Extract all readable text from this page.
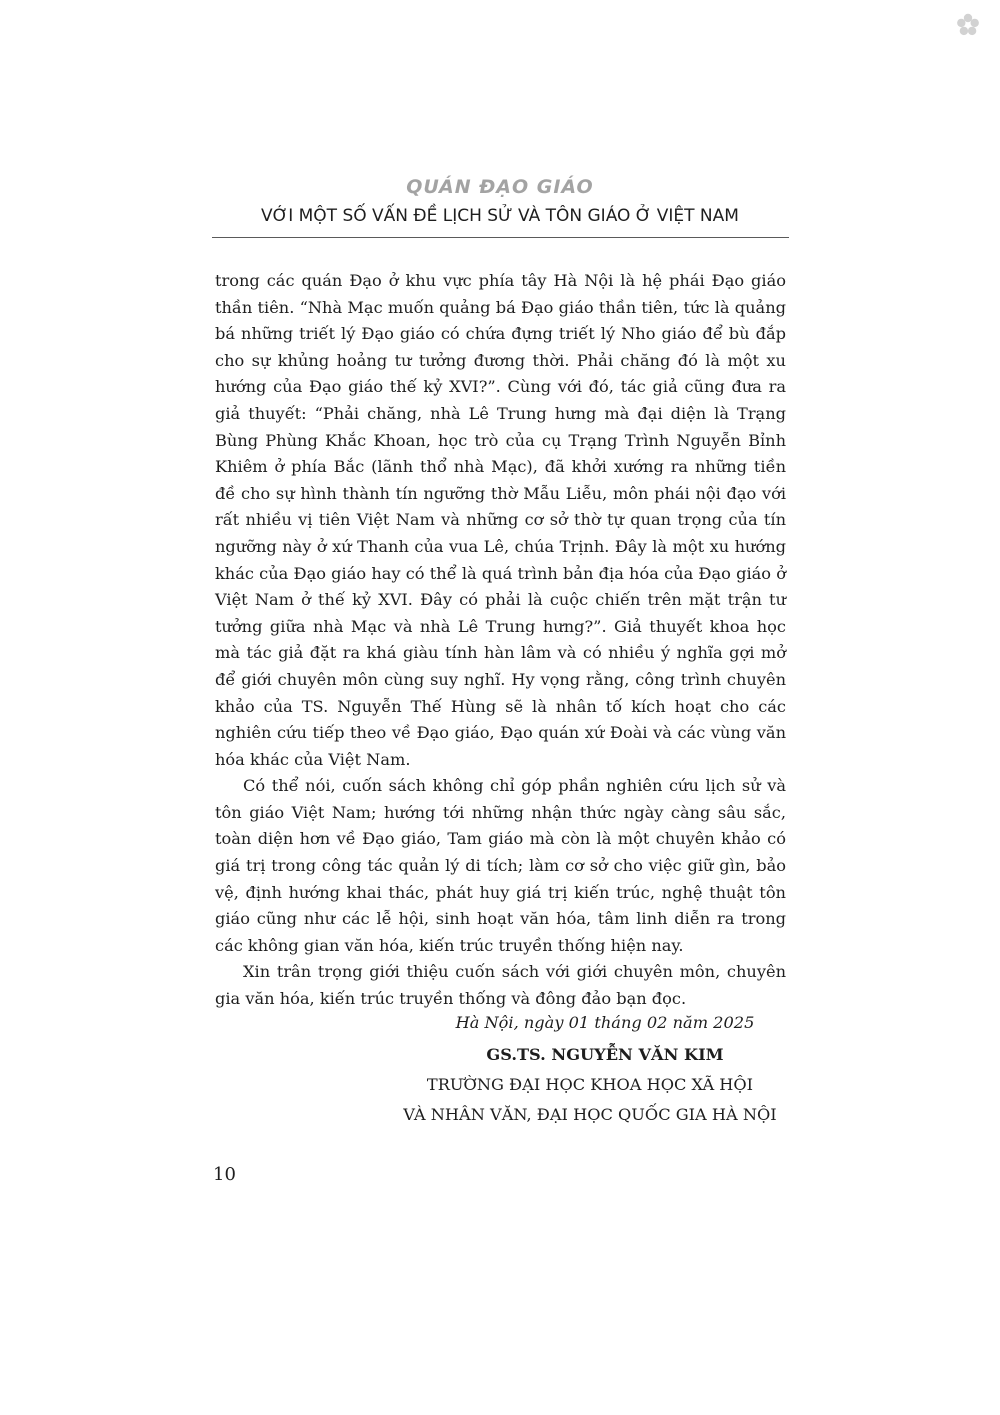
QUÁN ĐẠO GIÁO
VỚI MỘT SỐ VẤN ĐỀ LỊCH SỬ VÀ TÔN GIÁO Ở VIỆT NAM

trong các quán Đạo ở khu vực phía tây Hà Nội là hệ phái Đạo giáo thần tiên. “Nhà Mạc muốn quảng bá Đạo giáo thần tiên, tức là quảng bá những triết lý Đạo giáo có chứa đựng triết lý Nho giáo để bù đắp cho sự khủng hoảng tư tưởng đương thời. Phải chăng đó là một xu hướng của Đạo giáo thế kỷ XVI?”. Cùng với đó, tác giả cũng đưa ra giả thuyết: “Phải chăng, nhà Lê Trung hưng mà đại diện là Trạng Bùng Phùng Khắc Khoan, học trò của cụ Trạng Trình Nguyễn Bỉnh Khiêm ở phía Bắc (lãnh thổ nhà Mạc), đã khởi xướng ra những tiền đề cho sự hình thành tín ngưỡng thờ Mẫu Liễu, môn phái nội đạo với rất nhiều vị tiên Việt Nam và những cơ sở thờ tự quan trọng của tín ngưỡng này ở xứ Thanh của vua Lê, chúa Trịnh. Đây là một xu hướng khác của Đạo giáo hay có thể là quá trình bản địa hóa của Đạo giáo ở Việt Nam ở thế kỷ XVI. Đây có phải là cuộc chiến trên mặt trận tư tưởng giữa nhà Mạc và nhà Lê Trung hưng?”. Giả thuyết khoa học mà tác giả đặt ra khá giàu tính hàn lâm và có nhiều ý nghĩa gợi mở để giới chuyên môn cùng suy nghĩ. Hy vọng rằng, công trình chuyên khảo của TS. Nguyễn Thế Hùng sẽ là nhân tố kích hoạt cho các nghiên cứu tiếp theo về Đạo giáo, Đạo quán xứ Đoài và các vùng văn hóa khác của Việt Nam.

Có thể nói, cuốn sách không chỉ góp phần nghiên cứu lịch sử và tôn giáo Việt Nam; hướng tới những nhận thức ngày càng sâu sắc, toàn diện hơn về Đạo giáo, Tam giáo mà còn là một chuyên khảo có giá trị trong công tác quản lý di tích; làm cơ sở cho việc giữ gìn, bảo vệ, định hướng khai thác, phát huy giá trị kiến trúc, nghệ thuật tôn giáo cũng như các lễ hội, sinh hoạt văn hóa, tâm linh diễn ra trong các không gian văn hóa, kiến trúc truyền thống hiện nay.

Xin trân trọng giới thiệu cuốn sách với giới chuyên môn, chuyên gia văn hóa, kiến trúc truyền thống và đông đảo bạn đọc.

Hà Nội, ngày 01 tháng 02 năm 2025
GS.TS. NGUYỄN VĂN KIM
TRƯỜNG ĐẠI HỌC KHOA HỌC XÃ HỘI
VÀ NHÂN VĂN, ĐẠI HỌC QUỐC GIA HÀ NỘI
10
